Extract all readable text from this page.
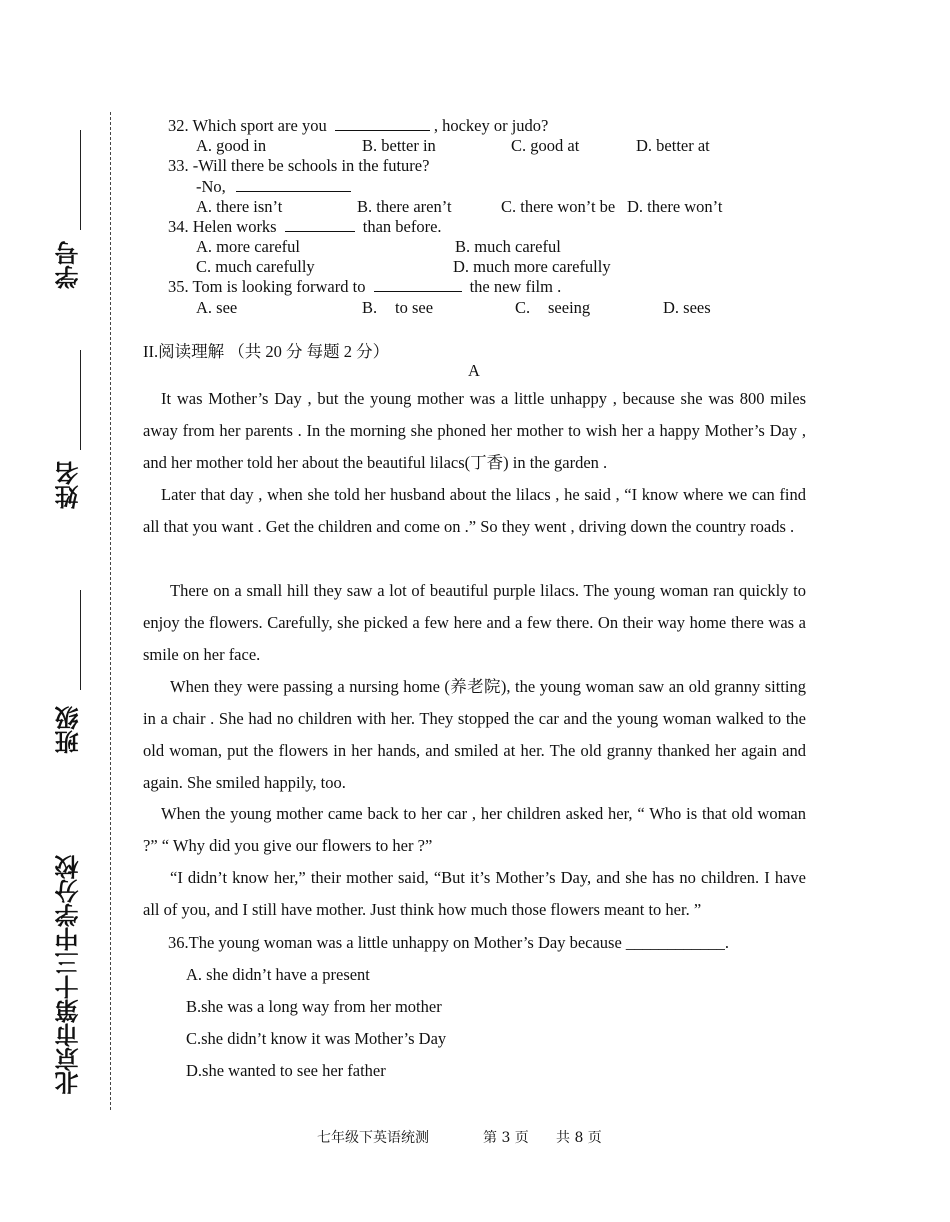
学号
姓名
班级
北京市第十三中学分校
32. Which sport are you	, hockey or judo?
A. good in	B. better in	C. good at	D. better at
33. -Will there be schools in the future?
-No,
A. there isn’t	B. there aren’t	C. there won’t be D. there won’t
34. Helen works	than before.
A. more careful	B. much careful
C. much carefully	D. much more carefully
35. Tom is looking forward to	the new film .
A. see	B. to see	C. seeing	D. sees
II.阅读理解 （共 20 分 每题 2 分）
A
It was Mother’s Day , but the young mother was a little unhappy , because she was 800 miles away from her parents . In the morning she phoned her mother to wish her a happy Mother’s Day , and her mother told her about the beautiful lilacs(丁香) in the garden .
Later that day , when she told her husband about the lilacs , he said , “I know where we can find all that you want . Get the children and come on .” So they went , driving down the country roads .
There on a small hill they saw a lot of beautiful purple lilacs. The young woman ran quickly to enjoy the flowers. Carefully, she picked a few here and a few there. On their way home there was a smile on her face.
When they were passing a nursing home (养老院), the young woman saw an old granny sitting in a chair . She had no children with her. They stopped the car and the young woman walked to the old woman, put the flowers in her hands, and smiled at her. The old granny thanked her again and again. She smiled happily, too.
When the young mother came back to her car , her children asked her, “ Who is that old woman ?” “ Why did you give our flowers to her ?”
“I didn’t know her,” their mother said, “But it’s Mother’s Day, and she has no children. I have all of you, and I still have mother. Just think how much those flowers meant to her. ”
36.The young woman was a little unhappy on Mother’s Day because ____________.
A. she didn’t have a present
B.she was a long way from her mother
C.she didn’t know it was Mother’s Day
D.she wanted to see her father
七年级下英语统测	第 3 页 共 8 页
